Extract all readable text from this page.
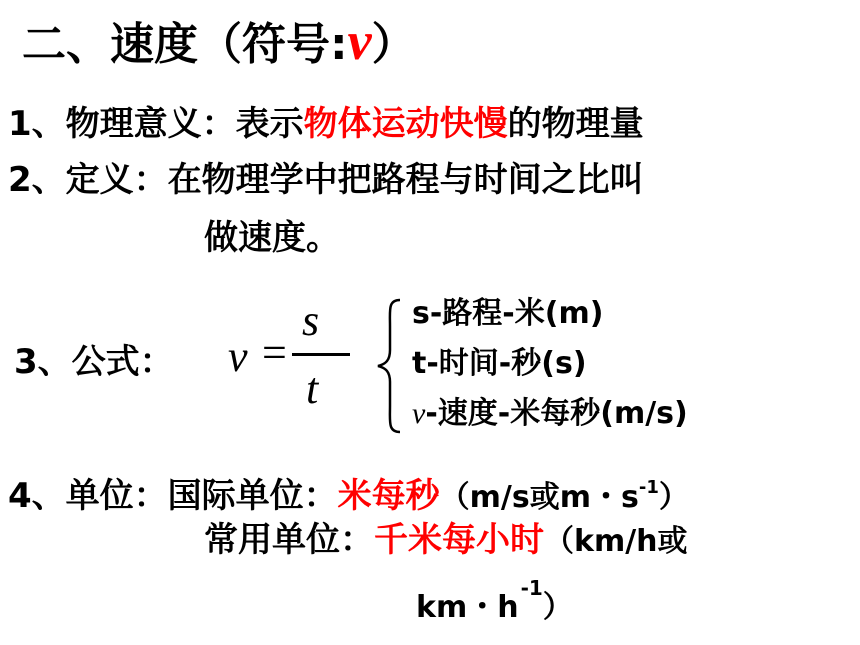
二、速度（符号:v）
1、物理意义：表示物体运动快慢的物理量
2、定义：在物理学中把路程与时间之比叫
做速度。
3、公式： v =
s
t
s-路程-米(m)
t-时间-秒(s)
ν-速度-米每秒(m/s)
4、单位：国际单位：米每秒（m/s或m・$s^{-1}$）
常用单位：千米每小时（km/h或
km・$h^{-1}$）
